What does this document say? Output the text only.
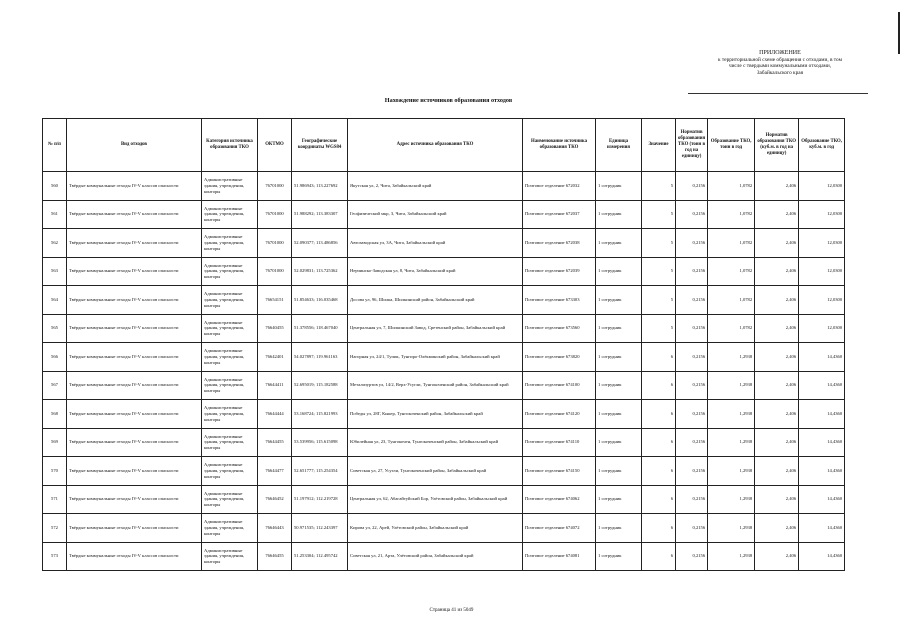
ПРИЛОЖЕНИЕ
к территориальной схеме обращения с отходами, в том
числе с твердыми коммунальными отходами,
Забайкальского края
Нахождение источников образования отходов
№ п/п	Вид отходов	Категория источника образования ТКО	ОКТМО	Географические координаты WGS84	Адрес источника образования ТКО	Наименование источника образования ТКО	Единица измерения	Значение	Норматив образования ТКО (тонн в год на единицу)	Образование ТКО, тонн в год	Норматив образования ТКО (куб.м. в год на единицу)	Образование ТКО, куб.м. в год
560	Твёрдые коммунальные отходы IV-V классов опасности	Административные здания, учреждения, конторы	76701000	51.986943; 113.227692	Якутская ул, 2, Чита, Забайкальский край	Почтовое отделение 672032	1 сотрудник	5	0,2156	1,0782	2,406	12,0300
561	Твёрдые коммунальные отходы IV-V классов опасности	Административные здания, учреждения, конторы	76701000	51.988292; 113.383307	Геофизический мкр, 3, Чита, Забайкальский край	Почтовое отделение 672037	1 сотрудник	5	0,2156	1,0782	2,406	12,0300
562	Твёрдые коммунальные отходы IV-V классов опасности	Административные здания, учреждения, конторы	76701000	52.090377; 113.486856	Автозаводская ул, 3А, Чита, Забайкальский край	Почтовое отделение 672038	1 сотрудник	5	0,2156	1,0782	2,406	12,0300
563	Твёрдые коммунальные отходы IV-V классов опасности	Административные здания, учреждения, конторы	76701000	52.029831; 113.725362	Нерчинско-Заводская ул, 8, Чита, Забайкальский край	Почтовое отделение 672039	1 сотрудник	5	0,2156	1,0782	2,406	12,0300
564	Твёрдые коммунальные отходы IV-V классов опасности	Административные здания, учреждения, конторы	76654151	51.854633; 116.035468	Досова ул, 96, Шилка, Шилкинский район, Забайкальский край	Почтовое отделение 673303	1 сотрудник	5	0,2156	1,0782	2,406	12,0300
565	Твёрдые коммунальные отходы IV-V классов опасности	Административные здания, учреждения, конторы	76640455	51.378556; 118.467040	Центральная ул, 7, Шилкинский Завод, Сретенский район, Забайкальский край	Почтовое отделение 673560	1 сотрудник	5	0,2156	1,0782	2,406	12,0300
566	Твёрдые коммунальные отходы IV-V классов опасности	Административные здания, учреждения, конторы	76642401	54.027897; 119.961163	Нагорная ул, 24/1, Тупик, Тунгиро-Олёкминский район, Забайкальский край	Почтовое отделение 673820	1 сотрудник	6	0,2156	1,2938	2,406	14,4360
567	Твёрдые коммунальные отходы IV-V классов опасности	Административные здания, учреждения, конторы	76644411	52.695019; 115.182588	Метализуртов ул, 14/2, Верх-Усугли, Тунгокоченский район, Забайкальский край	Почтовое отделение 674100	1 сотрудник	6	0,2156	1,2938	2,406	14,4360
568	Твёрдые коммунальные отходы IV-V классов опасности	Административные здания, учреждения, конторы	76644444	53.168724; 115.821993	Победы ул, 28Г, Кыкер, Тунгокоченский район, Забайкальский край	Почтовое отделение 674120	1 сотрудник	6	0,2156	1,2938	2,406	14,4360
569	Твёрдые коммунальные отходы IV-V классов опасности	Административные здания, учреждения, конторы	76644455	53.539956; 115.615098	Юбилейная ул, 23, Тунгокочен, Тунгокоченский район, Забайкальский край	Почтовое отделение 674110	1 сотрудник	6	0,2156	1,2938	2,406	14,4360
570	Твёрдые коммунальные отходы IV-V классов опасности	Административные здания, учреждения, конторы	76644477	52.651777; 115.254354	Советская ул, 27, Усугли, Тунгокоченский район, Забайкальский край	Почтовое отделение 674150	1 сотрудник	6	0,2156	1,2938	2,406	14,4360
571	Твёрдые коммунальные отходы IV-V классов опасности	Административные здания, учреждения, конторы	76646452	51.197912; 112.219728	Центральная ул, 62, Абагайтуйский Бор, Улётовский район, Забайкальский край	Почтовое отделение 674062	1 сотрудник	6	0,2156	1,2938	2,406	14,4360
572	Твёрдые коммунальные отходы IV-V классов опасности	Административные здания, учреждения, конторы	76646443	50.971535; 112.243397	Кирова ул, 22, Арей, Улётовский район, Забайкальский край	Почтовое отделение 674072	1 сотрудник	6	0,2156	1,2938	2,406	14,4360
573	Твёрдые коммунальные отходы IV-V классов опасности	Административные здания, учреждения, конторы	76646455	51.253304; 112.495742	Советская ул, 21, Арта, Улётовский район, Забайкальский край	Почтовое отделение 674081	1 сотрудник	6	0,2156	1,2938	2,406	14,4360
Страница 41 из 5049
